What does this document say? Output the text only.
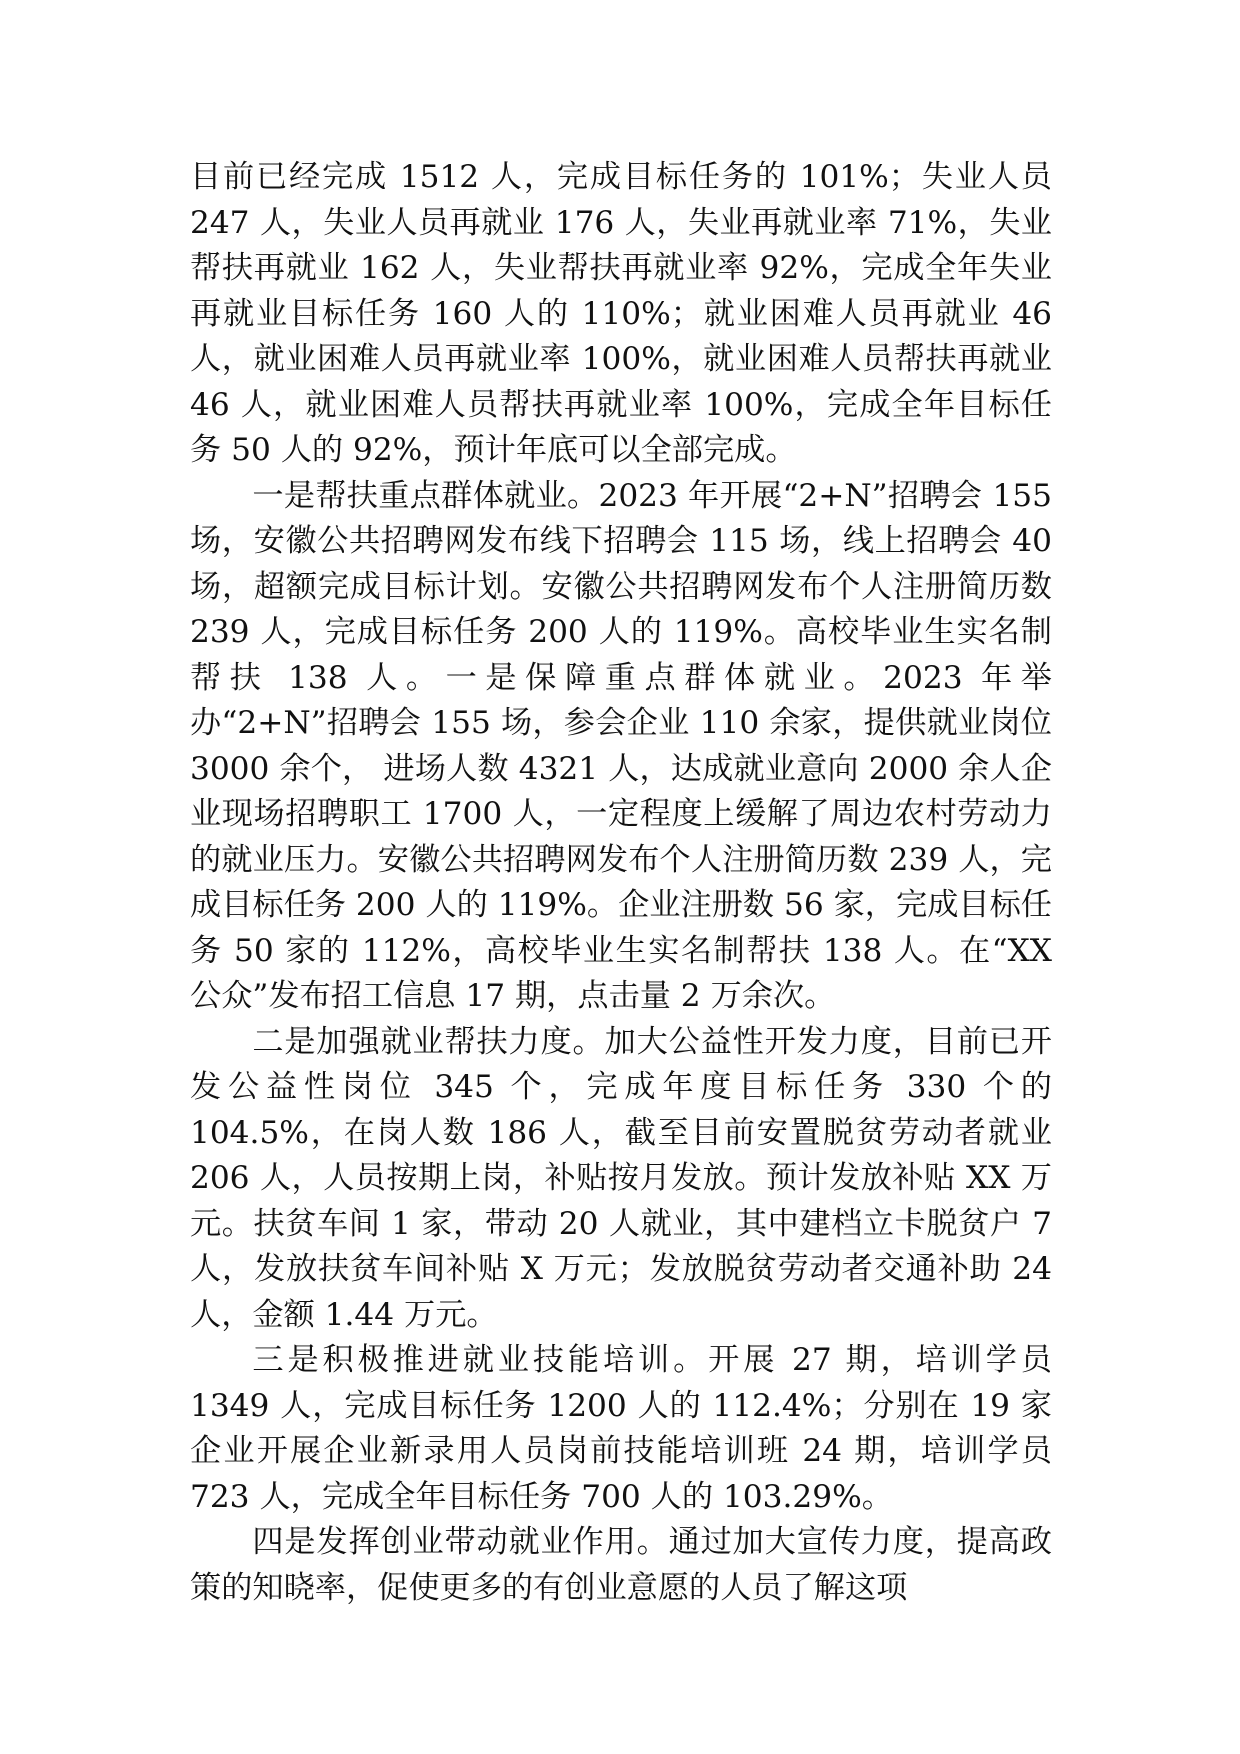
目前已经完成 1512 人，完成目标任务的 101%；失业人员 247 人，失业人员再就业 176 人，失业再就业率 71%，失业帮扶再就业 162 人，失业帮扶再就业率 92%，完成全年失业再就业目标任务 160 人的 110%；就业困难人员再就业 46 人，就业困难人员再就业率 100%，就业困难人员帮扶再就业 46 人，就业困难人员帮扶再就业率 100%，完成全年目标任务 50 人的 92%，预计年底可以全部完成。

一是帮扶重点群体就业。2023 年开展“2+N”招聘会 155 场，安徽公共招聘网发布线下招聘会 115 场，线上招聘会 40 场，超额完成目标计划。安徽公共招聘网发布个人注册简历数 239 人，完成目标任务 200 人的 119%。高校毕业生实名制帮扶 138 人。一是保障重点群体就业。2023 年举办“2+N”招聘会 155 场，参会企业 110 余家，提供就业岗位 3000 余个， 进场人数 4321 人，达成就业意向 2000 余人企业现场招聘职工 1700 人，一定程度上缓解了周边农村劳动力的就业压力。安徽公共招聘网发布个人注册简历数 239 人，完成目标任务 200 人的 119%。企业注册数 56 家，完成目标任务 50 家的 112%，高校毕业生实名制帮扶 138 人。在“XX 公众”发布招工信息 17 期，点击量 2 万余次。

二是加强就业帮扶力度。加大公益性开发力度，目前已开发公益性岗位 345 个，完成年度目标任务 330 个的 104.5%，在岗人数 186 人，截至目前安置脱贫劳动者就业 206 人，人员按期上岗，补贴按月发放。预计发放补贴 XX 万元。扶贫车间 1 家，带动 20 人就业，其中建档立卡脱贫户 7 人，发放扶贫车间补贴 X 万元；发放脱贫劳动者交通补助 24 人，金额 1.44 万元。

三是积极推进就业技能培训。开展 27 期，培训学员 1349 人，完成目标任务 1200 人的 112.4%；分别在 19 家企业开展企业新录用人员岗前技能培训班 24 期，培训学员 723 人，完成全年目标任务 700 人的 103.29%。

四是发挥创业带动就业作用。通过加大宣传力度，提高政策的知晓率，促使更多的有创业意愿的人员了解这项
